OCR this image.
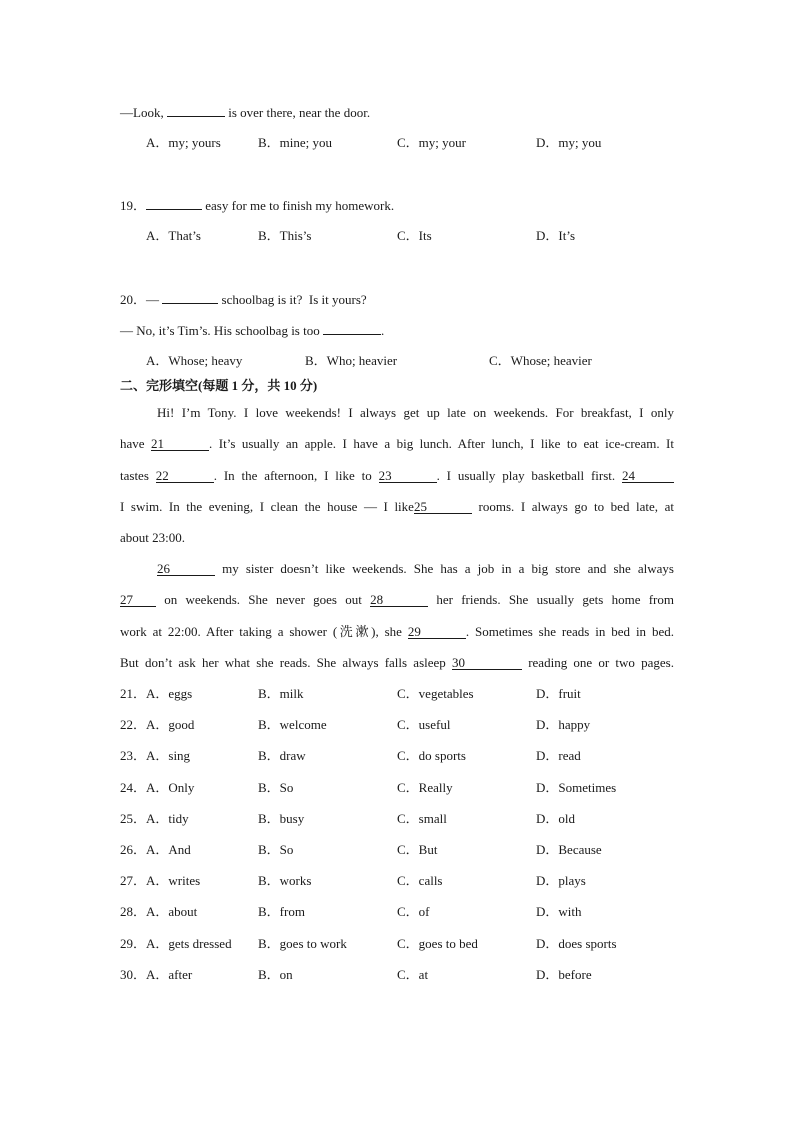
—Look,	is over there, near the door.
A．my; yours	B．mine; you	C．my; your	D．my; you
19．	easy for me to finish my homework.
A．That’s	B．This’s	C．Its	D．It’s
20．—	schoolbag is it?  Is it yours?
— No, it’s Tim’s. His schoolbag is too	.
A．Whose; heavy	B．Who; heavier	C．Whose; heavier
二、完形填空(每题 1 分，共 10 分)
Hi! I’m Tony. I love weekends! I always get up late on weekends. For breakfast, I only
have 21	. It’s usually an apple. I have a big lunch. After lunch, I like to eat ice-cream. It
tastes 22	. In the afternoon, I like to 23	. I usually play basketball first. 24
I swim. In the evening, I clean the house — I like25	rooms. I always go to bed late, at
about 23:00.
26	my sister doesn’t like weekends. She has a job in a big store and she always
27 on weekends. She never goes out 28	her friends. She usually gets home from
work at 22:00. After taking a shower (洗漱), she 29	. Sometimes she reads in bed in bed.
But don’t ask her what she reads. She always falls asleep 30	reading one or two pages.
21． A．eggs	B．milk	C．vegetables	D．fruit
22． A．good	B．welcome	C．useful	D．happy
23． A．sing	B．draw	C．do sports	D．read
24． A．Only	B．So	C．Really	D．Sometimes
25． A．tidy	B．busy	C．small	D．old
26． A．And	B．So	C．But	D．Because
27． A．writes	B．works	C．calls	D．plays
28． A．about	B．from	C．of	D．with
29． A．gets dressed B．goes to work	C．goes to bed	D．does sports
30． A．after	B．on	C．at	D．before
